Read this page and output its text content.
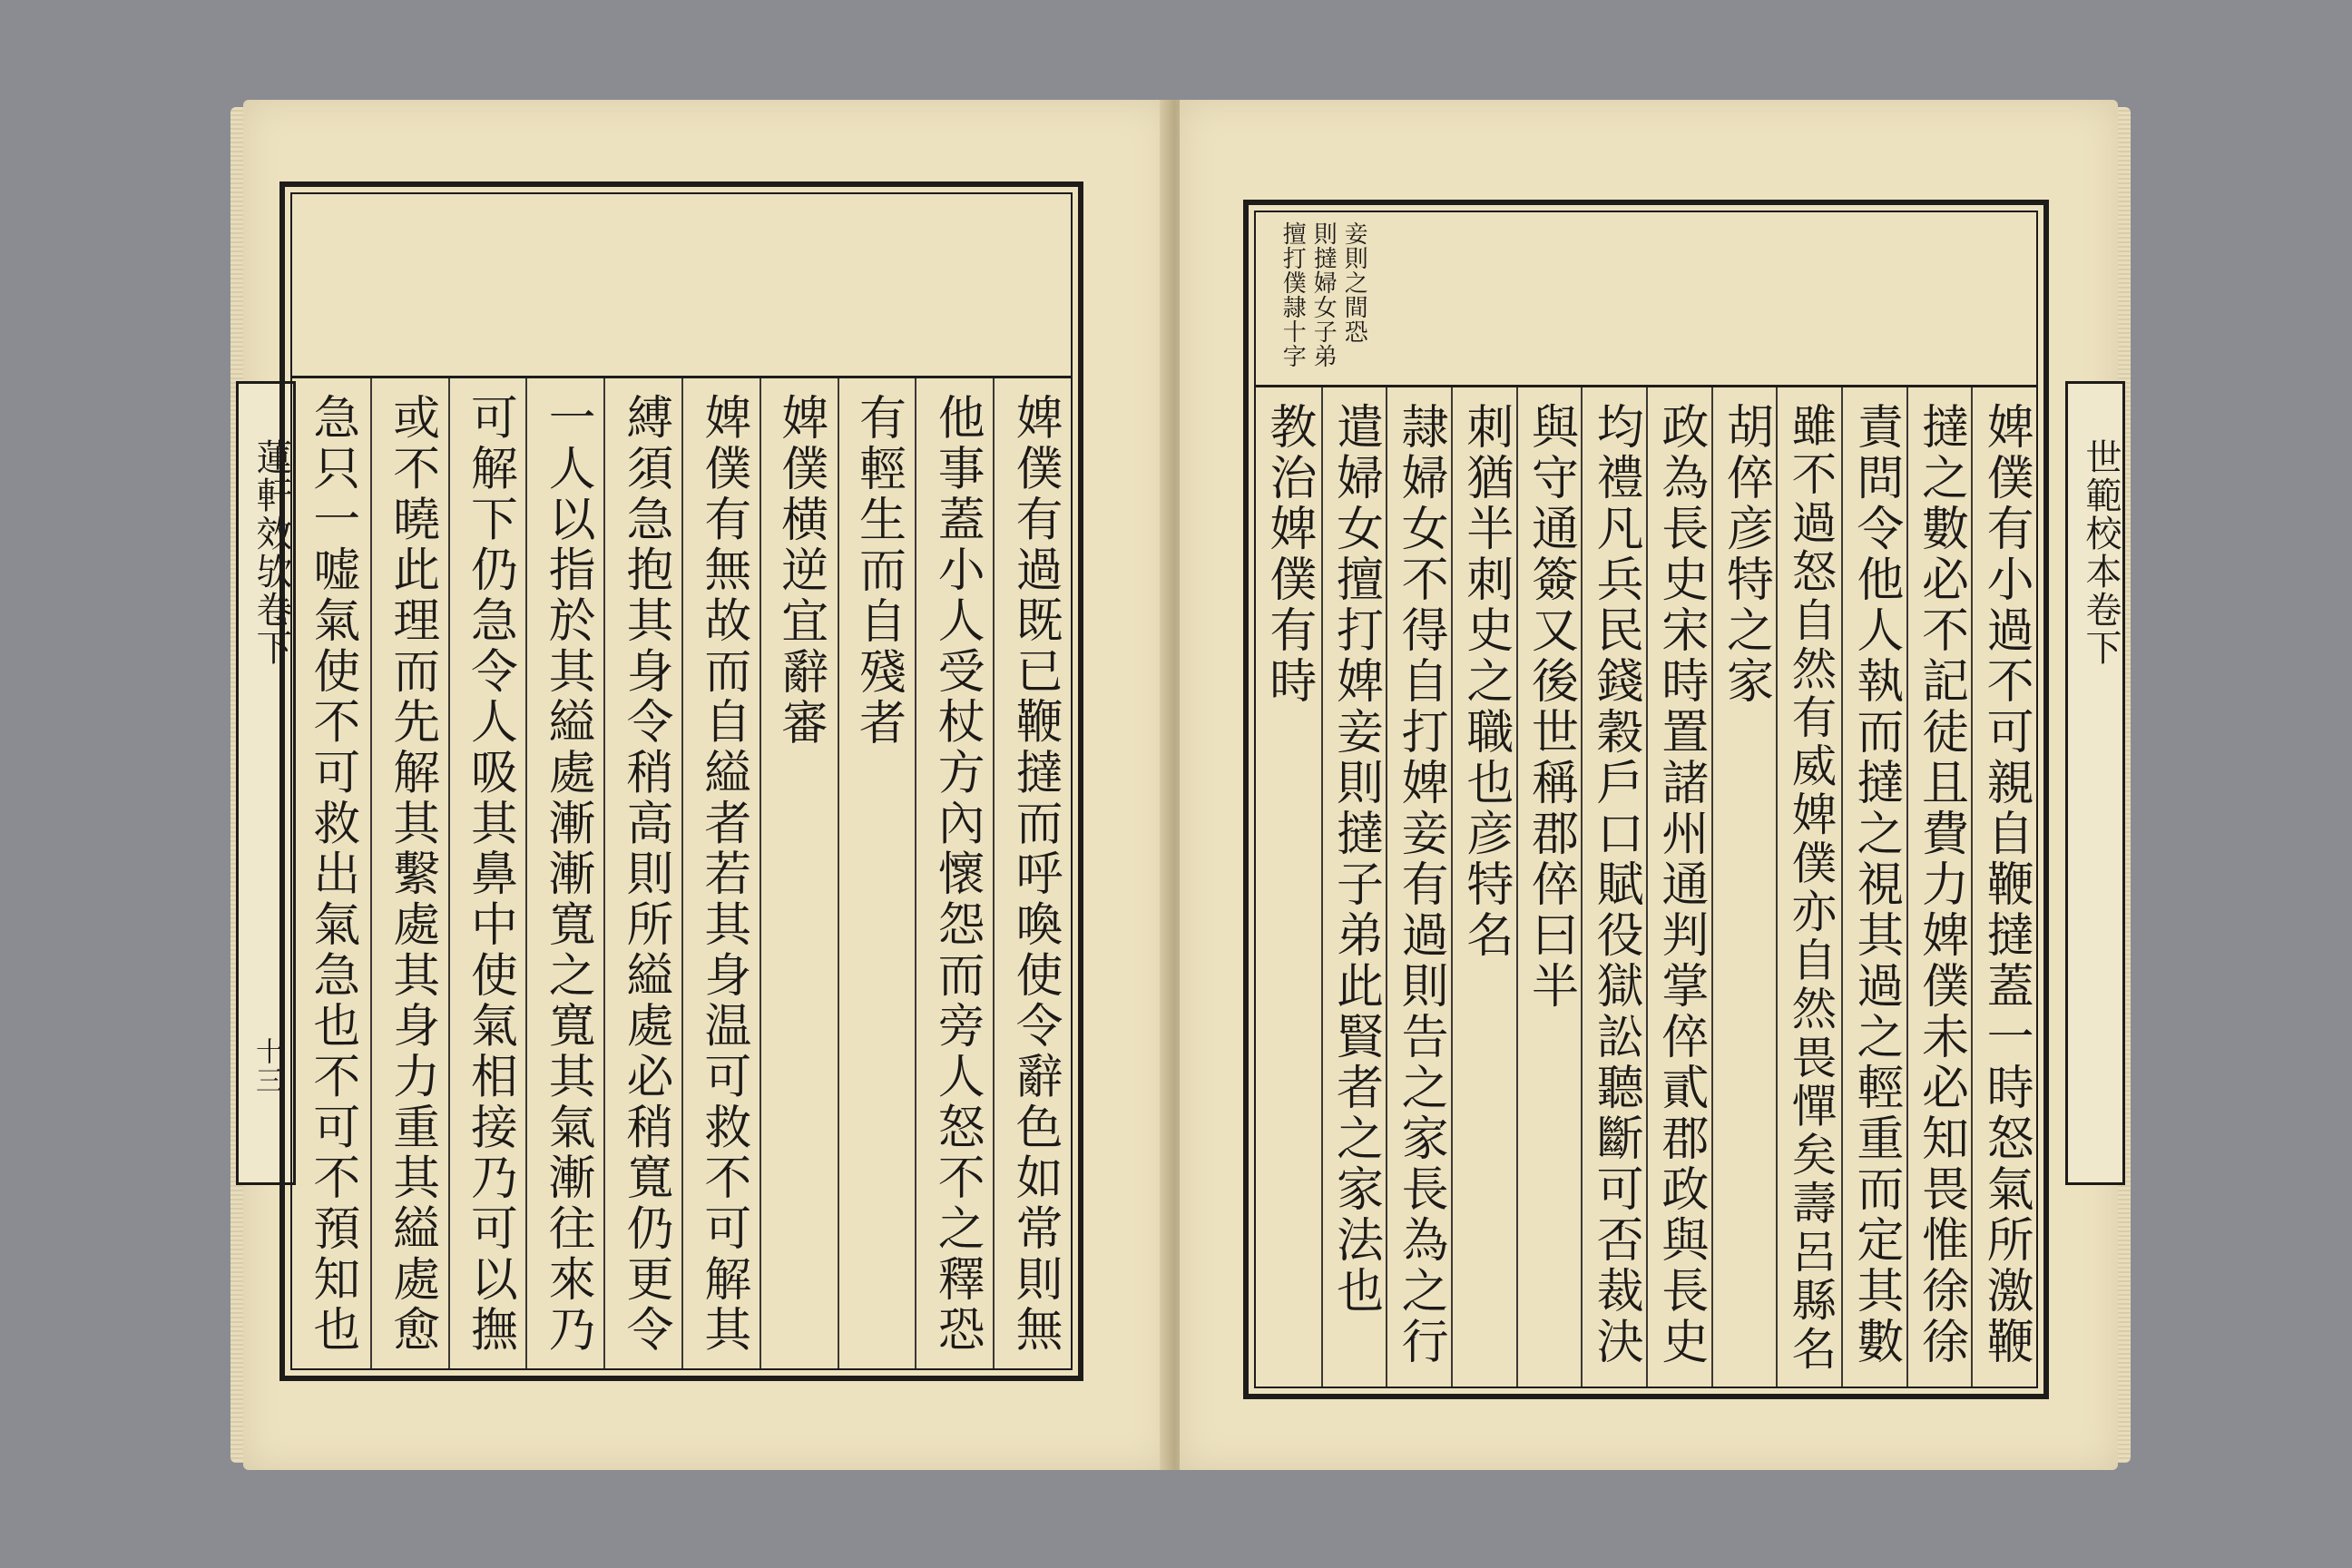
蓮軒效欤卷下
十三	婢僕有過既已鞭撻而呼喚使令辭色如常則無
他事蓋小人受杖方內懷怨而旁人怒不之釋恐
有輕生而自殘者
婢僕横逆宜辭審
婢僕有無故而自縊者若其身温可救不可解其
縛須急抱其身令稍高則所縊處必稍寬仍更令
一人以指於其縊處漸漸寬之寬其氣漸往來乃
可解下仍急令人吸其鼻中使氣相接乃可以撫
或不曉此理而先解其繫處其身力重其縊處愈
急只一嘘氣使不可救出氣急也不可不預知也	世範校本卷下
妾則之間恐
則撻婦女子弟
擅打僕隷十字
婢僕有小過不可親自鞭撻蓋一時怒氣所激鞭
撻之數必不記徒且費力婢僕未必知畏惟徐徐
責問令他人執而撻之視其過之輕重而定其數
雖不過怒自然有威婢僕亦自然畏憚矣壽呂縣名
胡倅彦特之家
政為長史宋時置諸州通判掌倅貳郡政與長史
均禮凡兵民錢穀戶口賦役獄訟聽斷可否裁決
與守通簽又後世稱郡倅曰半
刺猶半刺史之職也彦特名
隷婦女不得自打婢妾有過則告之家長為之行
遣婦女擅打婢妾則撻子弟此賢者之家法也
教治婢僕有時
